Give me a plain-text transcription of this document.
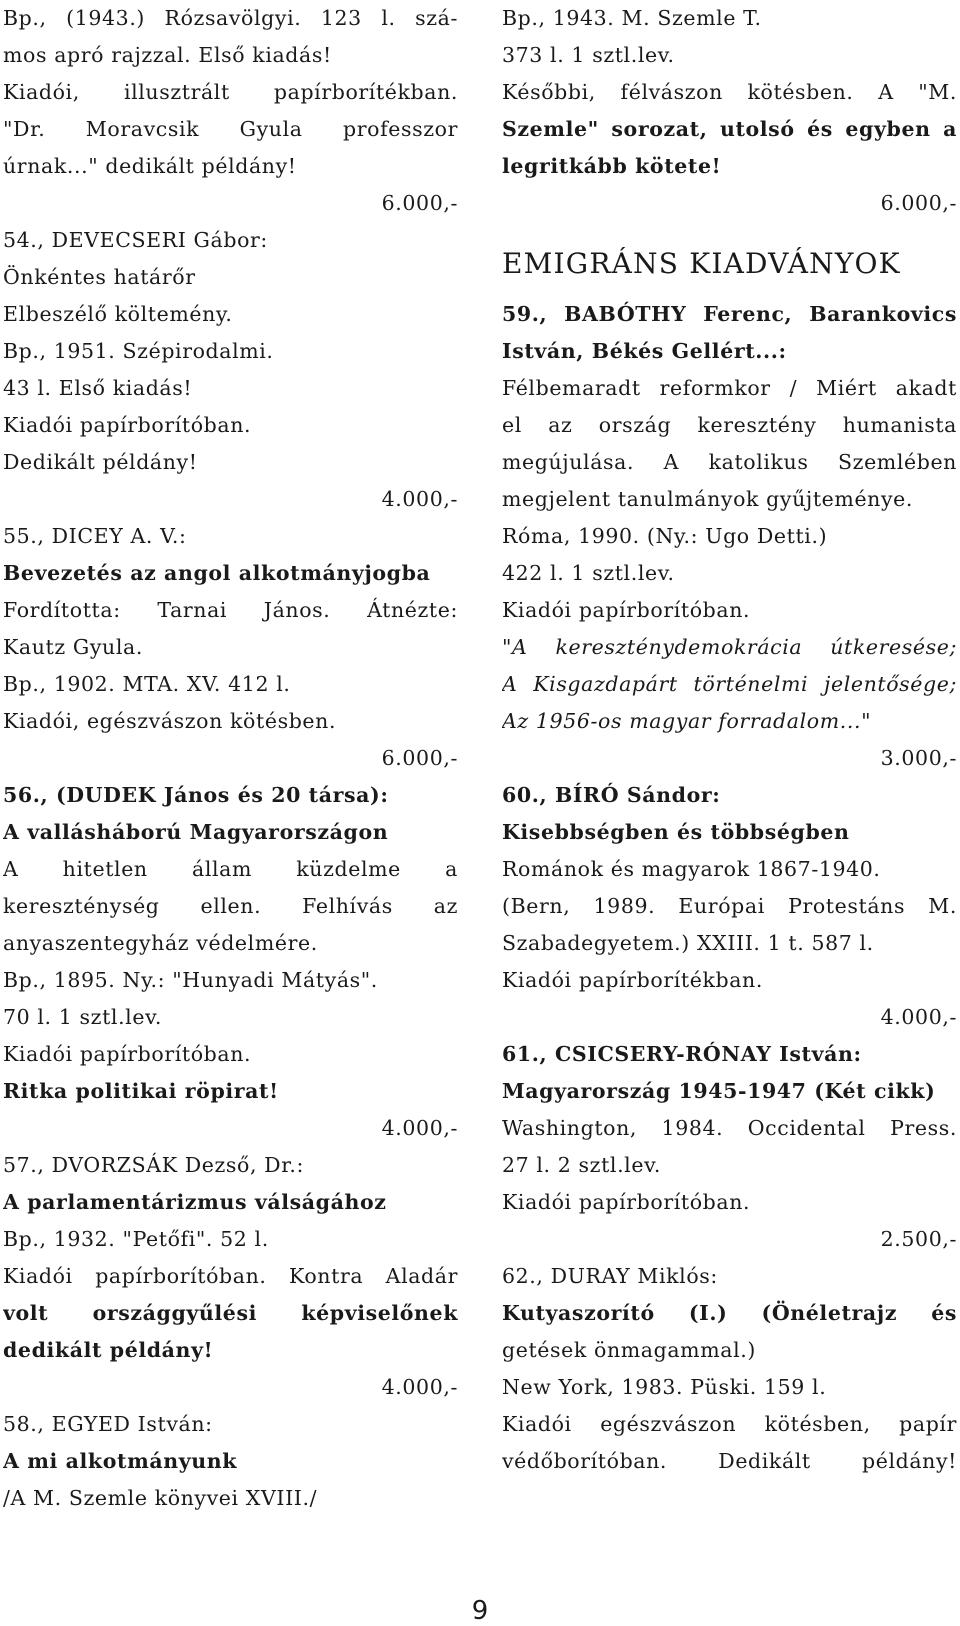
Bp., (1943.) Rózsavölgyi. 123 l. szá-
mos apró rajzzal. Első kiadás!
Kiadói, illusztrált papírborítékban.
"Dr. Moravcsik Gyula professzor
úrnak..." dedikált példány!
6.000,-
54., DEVECSERI Gábor:
Önkéntes határőr
Elbeszélő költemény.
Bp., 1951. Szépirodalmi.
43 l. Első kiadás!
Kiadói papírborítóban.
Dedikált példány!
4.000,-
55., DICEY A. V.:
Bevezetés az angol alkotmányjogba
Fordította: Tarnai János. Átnézte:
Kautz Gyula.
Bp., 1902. MTA. XV. 412 l.
Kiadói, egészvászon kötésben.
6.000,-
56., (DUDEK János és 20 társa):
A vallásháború Magyarországon
A hitetlen állam küzdelme a
kereszténység ellen. Felhívás az
anyaszentegyház védelmére.
Bp., 1895. Ny.: "Hunyadi Mátyás".
70 l. 1 sztl.lev.
Kiadói papírborítóban.
Ritka politikai röpirat!
4.000,-
57., DVORZSÁK Dezső, Dr.:
A parlamentárizmus válságához
Bp., 1932. "Petőfi". 52 l.
Kiadói papírborítóban. Kontra Aladár
volt országgyűlési képviselőnek
dedikált példány!
4.000,-
58., EGYED István:
A mi alkotmányunk
/A M. Szemle könyvei XVIII./
Bp., 1943. M. Szemle T.
373 l. 1 sztl.lev.
Későbbi, félvászon kötésben. A "M.
Szemle" sorozat, utolsó és egyben a
legritkább kötete!
6.000,-
EMIGRÁNS KIADVÁNYOK
59., BABÓTHY Ferenc, Barankovics
István, Békés Gellért...:
Félbemaradt reformkor / Miért akadt
el az ország keresztény humanista
megújulása. A katolikus Szemlében
megjelent tanulmányok gyűjteménye.
Róma, 1990. (Ny.: Ugo Detti.)
422 l. 1 sztl.lev.
Kiadói papírborítóban.
"A kereszténydemokrácia útkeresése;
A Kisgazdapárt történelmi jelentősége;
Az 1956-os magyar forradalom..."
3.000,-
60., BÍRÓ Sándor:
Kisebbségben és többségben
Románok és magyarok 1867-1940.
(Bern, 1989. Európai Protestáns M.
Szabadegyetem.) XXIII. 1 t. 587 l.
Kiadói papírborítékban.
4.000,-
61., CSICSERY-RÓNAY István:
Magyarország 1945-1947 (Két cikk)
Washington, 1984. Occidental Press.
27 l. 2 sztl.lev.
Kiadói papírborítóban.
2.500,-
62., DURAY Miklós:
Kutyaszorító (I.) (Önéletrajz és
getések önmagammal.)
New York, 1983. Püski. 159 l.
Kiadói egészvászon kötésben, papír
védőborítóban. Dedikált példány!
9
